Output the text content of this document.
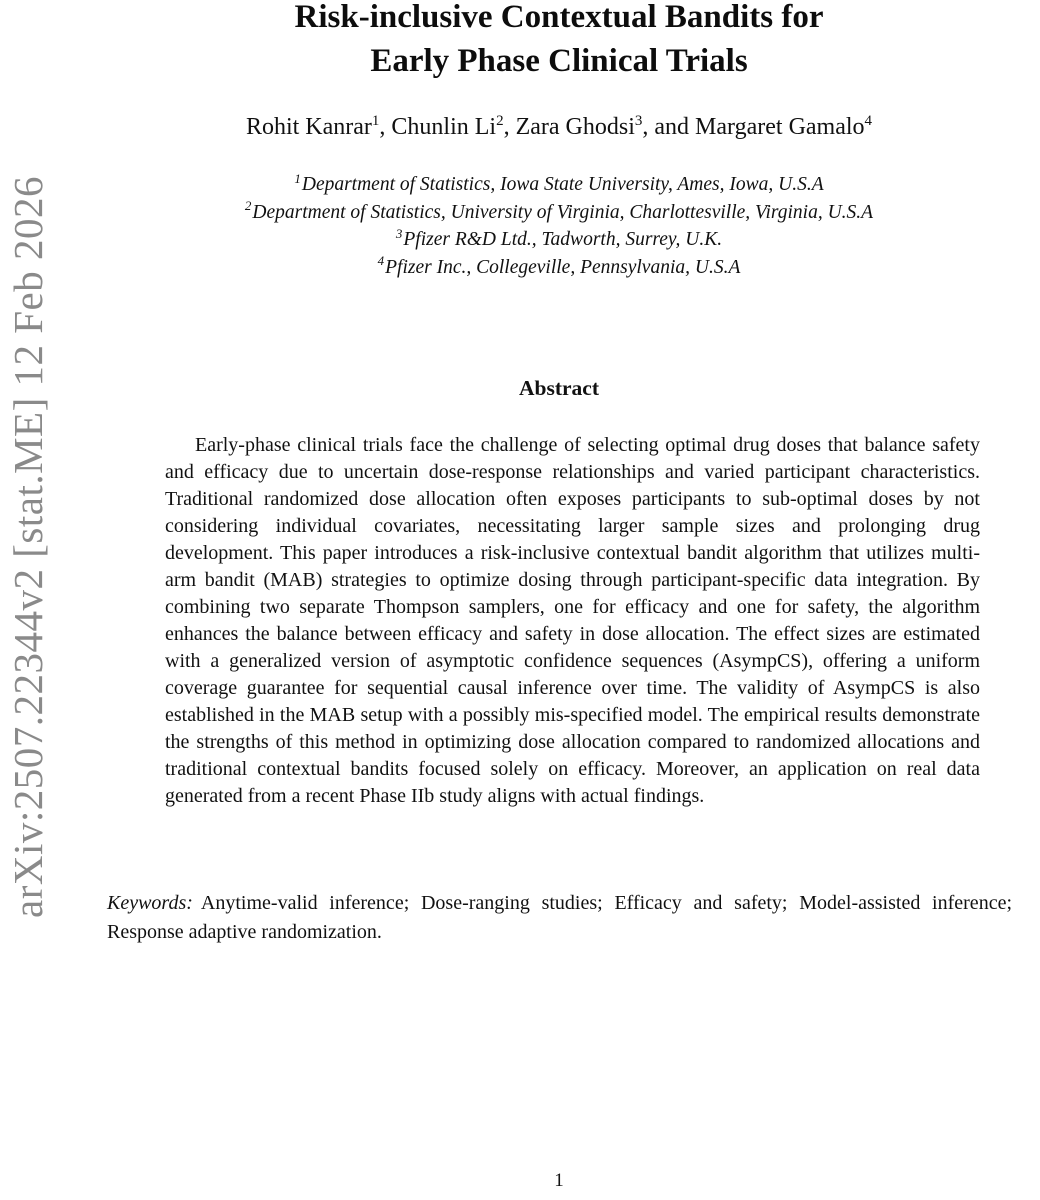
arXiv:2507.22344v2 [stat.ME] 12 Feb 2026
Risk-inclusive Contextual Bandits for
Early Phase Clinical Trials
Rohit Kanrar$^1$, Chunlin Li$^2$, Zara Ghodsi$^3$, and Margaret Gamalo$^4$
$^1$Department of Statistics, Iowa State University, Ames, Iowa, U.S.A
$^2$Department of Statistics, University of Virginia, Charlottesville, Virginia, U.S.A
$^3$Pfizer R&D Ltd., Tadworth, Surrey, U.K.
$^4$Pfizer Inc., Collegeville, Pennsylvania, U.S.A
Abstract

Early-phase clinical trials face the challenge of selecting optimal drug doses that balance safety and efficacy due to uncertain dose-response relationships and varied participant characteristics. Traditional randomized dose allocation often exposes participants to sub-optimal doses by not considering individual covariates, necessitating larger sample sizes and prolonging drug development. This paper introduces a risk-inclusive contextual bandit algorithm that utilizes multi-arm bandit (MAB) strategies to optimize dosing through participant-specific data integration. By combining two separate Thompson samplers, one for efficacy and one for safety, the algorithm enhances the balance between efficacy and safety in dose allocation. The effect sizes are estimated with a generalized version of asymptotic confidence sequences (AsympCS), offering a uniform coverage guarantee for sequential causal inference over time. The validity of AsympCS is also established in the MAB setup with a possibly mis-specified model. The empirical results demonstrate the strengths of this method in optimizing dose allocation compared to randomized allocations and traditional contextual bandits focused solely on efficacy. Moreover, an application on real data generated from a recent Phase IIb study aligns with actual findings.

Keywords: Anytime-valid inference; Dose-ranging studies; Efficacy and safety; Model-assisted inference; Response adaptive randomization.

1
